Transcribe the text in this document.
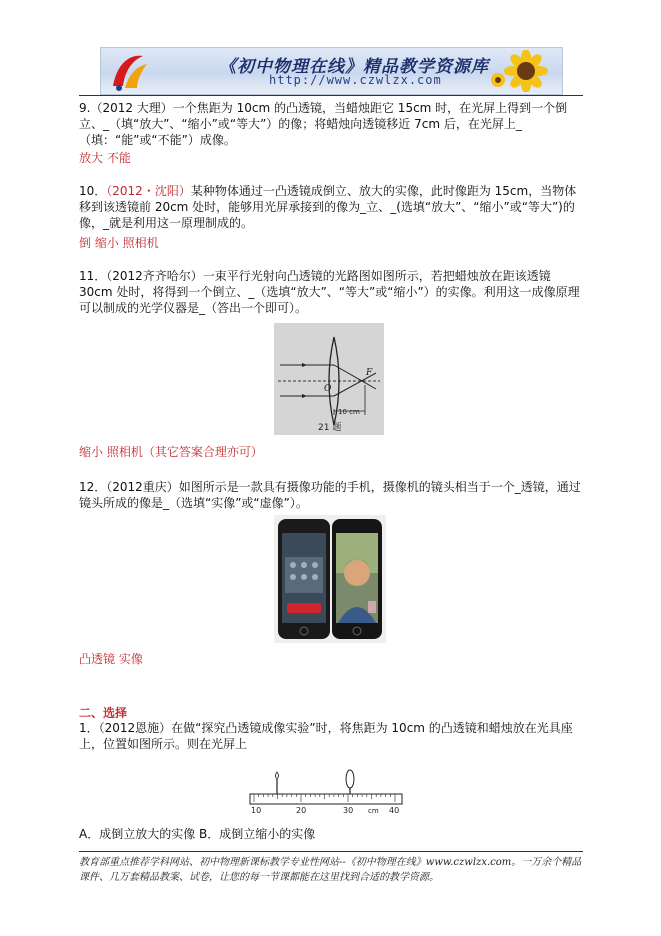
《初中物理在线》精品教学资源库
http://www.czwlzx.com

9.（2012 大理）一个焦距为 10cm 的凸透镜，当蜡烛距它 15cm 时，在光屏上得到一个倒立、_（填“放大”、“缩小”或“等大”）的像；将蜡烛向透镜移近 7cm 后，在光屏上_（填：“能”或“不能”）成像。

放大 不能

10．（2012・沈阳）某种物体通过一凸透镜成倒立、放大的实像，此时像距为 15cm，当物体移到该透镜前 20cm 处时，能够用光屏承接到的像为_立、_(选填“放大”、“缩小”或“等大”)的像，_就是利用这一原理制成的。

倒 缩小 照相机

11．（2012齐齐哈尔）一束平行光射向凸透镜的光路图如图所示，若把蜡烛放在距该透镜 30cm 处时，将得到一个倒立、_（选填“放大”、“等大”或“缩小”）的实像。利用这一成像原理可以制成的光学仪器是_（答出一个即可）。

F
O
10 cm
21 题

缩小 照相机（其它答案合理亦可）

12．（2012重庆）如图所示是一款具有摄像功能的手机，摄像机的镜头相当于一个_透镜，通过镜头所成的像是_（选填“实像”或“虚像”）。

凸透镜 实像

二、选择

1．（2012恩施）在做“探究凸透镜成像实验”时，将焦距为 10cm 的凸透镜和蜡烛放在光具座上，位置如图所示。则在光屏上

10	20	30 cm 40

A．成倒立放大的实像 B．成倒立缩小的实像

教育部重点推荐学科网站、初中物理新课标教学专业性网站--《初中物理在线》www.czwlzx.com。一万余个精品课件、几万套精品教案、试卷，让您的每一节课都能在这里找到合适的教学资源。
